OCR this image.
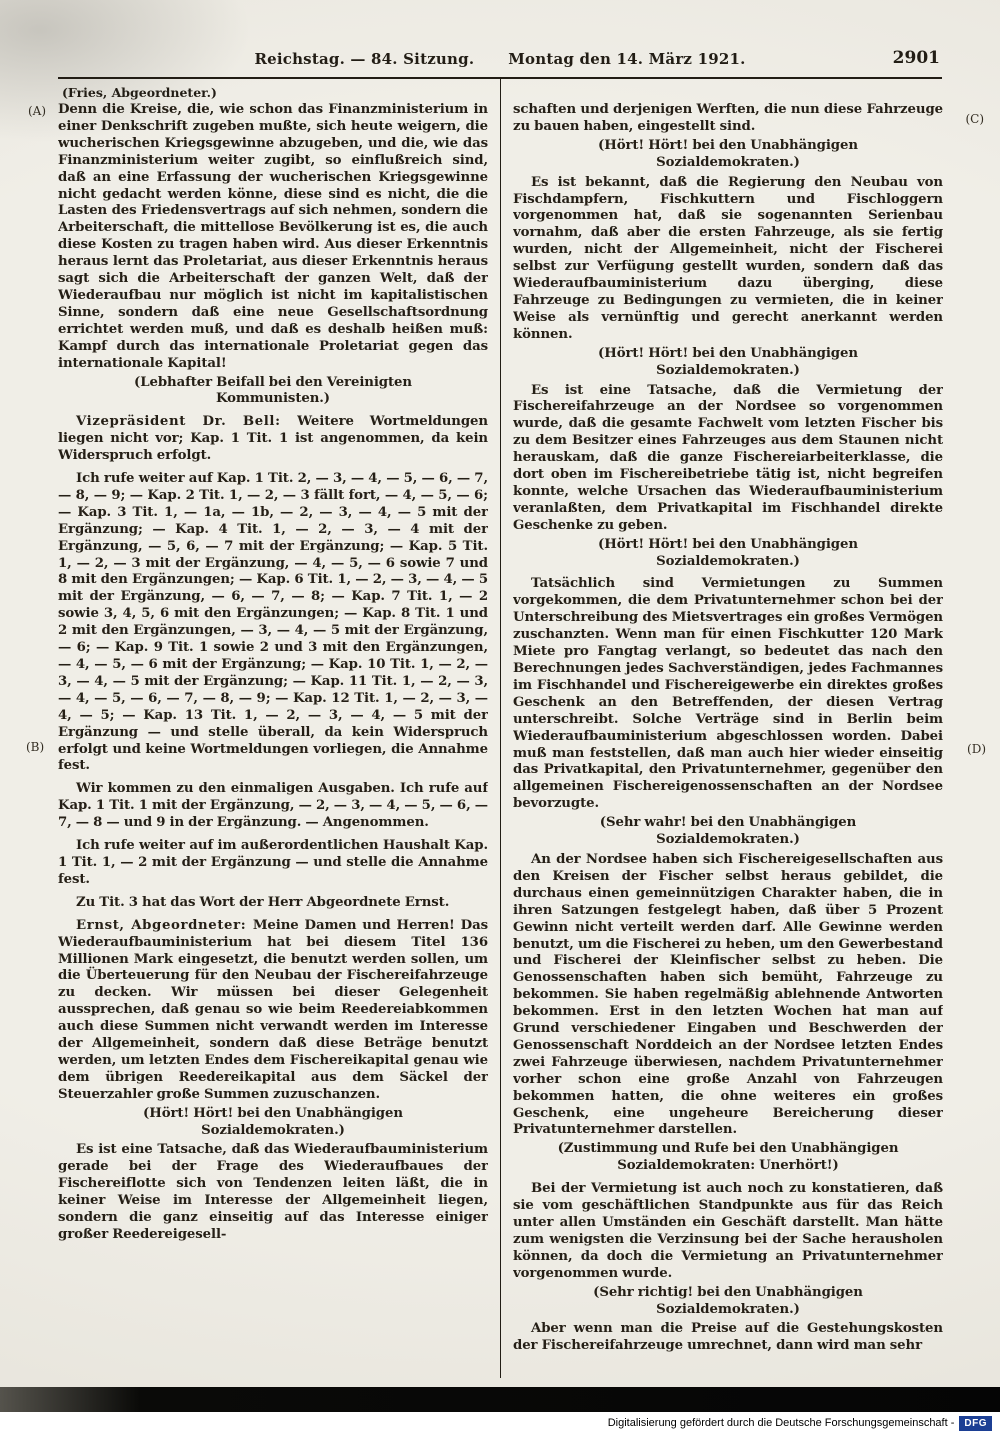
Reichstag. — 84. Sitzung. Montag den 14. März 1921.	2901
(Fries, Abgeordneter.)
(A)
(B)
(C)
(D)

Denn die Kreise, die, wie schon das Finanzministerium in einer Denkschrift zugeben mußte, sich heute weigern, die wucherischen Kriegsgewinne abzugeben, und die, wie das Finanzministerium weiter zugibt, so einflußreich sind, daß an eine Erfassung der wucherischen Kriegsgewinne nicht gedacht werden könne, diese sind es nicht, die die Lasten des Friedensvertrags auf sich nehmen, sondern die Arbeiterschaft, die mittellose Bevölkerung ist es, die auch diese Kosten zu tragen haben wird. Aus dieser Erkenntnis heraus lernt das Proletariat, aus dieser Erkenntnis heraus sagt sich die Arbeiterschaft der ganzen Welt, daß der Wiederaufbau nur möglich ist nicht im kapitalistischen Sinne, sondern daß eine neue Gesellschaftsordnung errichtet werden muß, und daß es deshalb heißen muß: Kampf durch das internationale Proletariat gegen das internationale Kapital!

(Lebhafter Beifall bei den Vereinigten Kommunisten.)

Vizepräsident Dr. Bell: Weitere Wortmeldungen liegen nicht vor; Kap. 1 Tit. 1 ist angenommen, da kein Widerspruch erfolgt.

Ich rufe weiter auf Kap. 1 Tit. 2, — 3, — 4, — 5, — 6, — 7, — 8, — 9; — Kap. 2 Tit. 1, — 2, — 3 fällt fort, — 4, — 5, — 6; — Kap. 3 Tit. 1, — 1a, — 1b, — 2, — 3, — 4, — 5 mit der Ergänzung; — Kap. 4 Tit. 1, — 2, — 3, — 4 mit der Ergänzung, — 5, 6, — 7 mit der Ergänzung; — Kap. 5 Tit. 1, — 2, — 3 mit der Ergänzung, — 4, — 5, — 6 sowie 7 und 8 mit den Ergänzungen; — Kap. 6 Tit. 1, — 2, — 3, — 4, — 5 mit der Ergänzung, — 6, — 7, — 8; — Kap. 7 Tit. 1, — 2 sowie 3, 4, 5, 6 mit den Ergänzungen; — Kap. 8 Tit. 1 und 2 mit den Ergänzungen, — 3, — 4, — 5 mit der Ergänzung, — 6; — Kap. 9 Tit. 1 sowie 2 und 3 mit den Ergänzungen, — 4, — 5, — 6 mit der Ergänzung; — Kap. 10 Tit. 1, — 2, — 3, — 4, — 5 mit der Ergänzung; — Kap. 11 Tit. 1, — 2, — 3, — 4, — 5, — 6, — 7, — 8, — 9; — Kap. 12 Tit. 1, — 2, — 3, — 4, — 5; — Kap. 13 Tit. 1, — 2, — 3, — 4, — 5 mit der Ergänzung — und stelle überall, da kein Widerspruch erfolgt und keine Wortmeldungen vorliegen, die Annahme fest.

Wir kommen zu den einmaligen Ausgaben. Ich rufe auf Kap. 1 Tit. 1 mit der Ergänzung, — 2, — 3, — 4, — 5, — 6, — 7, — 8 — und 9 in der Ergänzung. — Angenommen.

Ich rufe weiter auf im außerordentlichen Haushalt Kap. 1 Tit. 1, — 2 mit der Ergänzung — und stelle die Annahme fest.

Zu Tit. 3 hat das Wort der Herr Abgeordnete Ernst.

Ernst, Abgeordneter: Meine Damen und Herren! Das Wiederaufbauministerium hat bei diesem Titel 136 Millionen Mark eingesetzt, die benutzt werden sollen, um die Überteuerung für den Neubau der Fischereifahrzeuge zu decken. Wir müssen bei dieser Gelegenheit aussprechen, daß genau so wie beim Reedereiabkommen auch diese Summen nicht verwandt werden im Interesse der Allgemeinheit, sondern daß diese Beträge benutzt werden, um letzten Endes dem Fischereikapital genau wie dem übrigen Reedereikapital aus dem Säckel der Steuerzahler große Summen zuzuschanzen.

(Hört! Hört! bei den Unabhängigen Sozialdemokraten.)

Es ist eine Tatsache, daß das Wiederaufbauministerium gerade bei der Frage des Wiederaufbaues der Fischereiflotte sich von Tendenzen leiten läßt, die in keiner Weise im Interesse der Allgemeinheit liegen, sondern die ganz einseitig auf das Interesse einiger großer Reedereigesell-

schaften und derjenigen Werften, die nun diese Fahrzeuge zu bauen haben, eingestellt sind.

(Hört! Hört! bei den Unabhängigen Sozialdemokraten.)

Es ist bekannt, daß die Regierung den Neubau von Fischdampfern, Fischkuttern und Fischloggern vorgenommen hat, daß sie sogenannten Serienbau vornahm, daß aber die ersten Fahrzeuge, als sie fertig wurden, nicht der Allgemeinheit, nicht der Fischerei selbst zur Verfügung gestellt wurden, sondern daß das Wiederaufbauministerium dazu überging, diese Fahrzeuge zu Bedingungen zu vermieten, die in keiner Weise als vernünftig und gerecht anerkannt werden können.

(Hört! Hört! bei den Unabhängigen Sozialdemokraten.)

Es ist eine Tatsache, daß die Vermietung der Fischereifahrzeuge an der Nordsee so vorgenommen wurde, daß die gesamte Fachwelt vom letzten Fischer bis zu dem Besitzer eines Fahrzeuges aus dem Staunen nicht herauskam, daß die ganze Fischereiarbeiterklasse, die dort oben im Fischereibetriebe tätig ist, nicht begreifen konnte, welche Ursachen das Wiederaufbauministerium veranlaßten, dem Privatkapital im Fischhandel direkte Geschenke zu geben.

(Hört! Hört! bei den Unabhängigen Sozialdemokraten.)

Tatsächlich sind Vermietungen zu Summen vorgekommen, die dem Privatunternehmer schon bei der Unterschreibung des Mietsvertrages ein großes Vermögen zuschanzten. Wenn man für einen Fischkutter 120 Mark Miete pro Fangtag verlangt, so bedeutet das nach den Berechnungen jedes Sachverständigen, jedes Fachmannes im Fischhandel und Fischereigewerbe ein direktes großes Geschenk an den Betreffenden, der diesen Vertrag unterschreibt. Solche Verträge sind in Berlin beim Wiederaufbauministerium abgeschlossen worden. Dabei muß man feststellen, daß man auch hier wieder einseitig das Privatkapital, den Privatunternehmer, gegenüber den allgemeinen Fischereigenossenschaften an der Nordsee bevorzugte.

(Sehr wahr! bei den Unabhängigen Sozialdemokraten.)

An der Nordsee haben sich Fischereigesellschaften aus den Kreisen der Fischer selbst heraus gebildet, die durchaus einen gemeinnützigen Charakter haben, die in ihren Satzungen festgelegt haben, daß über 5 Prozent Gewinn nicht verteilt werden darf. Alle Gewinne werden benutzt, um die Fischerei zu heben, um den Gewerbestand und Fischerei der Kleinfischer selbst zu heben. Die Genossenschaften haben sich bemüht, Fahrzeuge zu bekommen. Sie haben regelmäßig ablehnende Antworten bekommen. Erst in den letzten Wochen hat man auf Grund verschiedener Eingaben und Beschwerden der Genossenschaft Norddeich an der Nordsee letzten Endes zwei Fahrzeuge überwiesen, nachdem Privatunternehmer vorher schon eine große Anzahl von Fahrzeugen bekommen hatten, die ohne weiteres ein großes Geschenk, eine ungeheure Bereicherung dieser Privatunternehmer darstellen.

(Zustimmung und Rufe bei den Unabhängigen Sozialdemokraten: Unerhört!)

Bei der Vermietung ist auch noch zu konstatieren, daß sie vom geschäftlichen Standpunkte aus für das Reich unter allen Umständen ein Geschäft darstellt. Man hätte zum wenigsten die Verzinsung bei der Sache herausholen können, da doch die Vermietung an Privatunternehmer vorgenommen wurde.

(Sehr richtig! bei den Unabhängigen Sozialdemokraten.)

Aber wenn man die Preise auf die Gestehungskosten der Fischereifahrzeuge umrechnet, dann wird man sehr

Digitalisierung gefördert durch die Deutsche Forschungsgemeinschaft -	DFG
